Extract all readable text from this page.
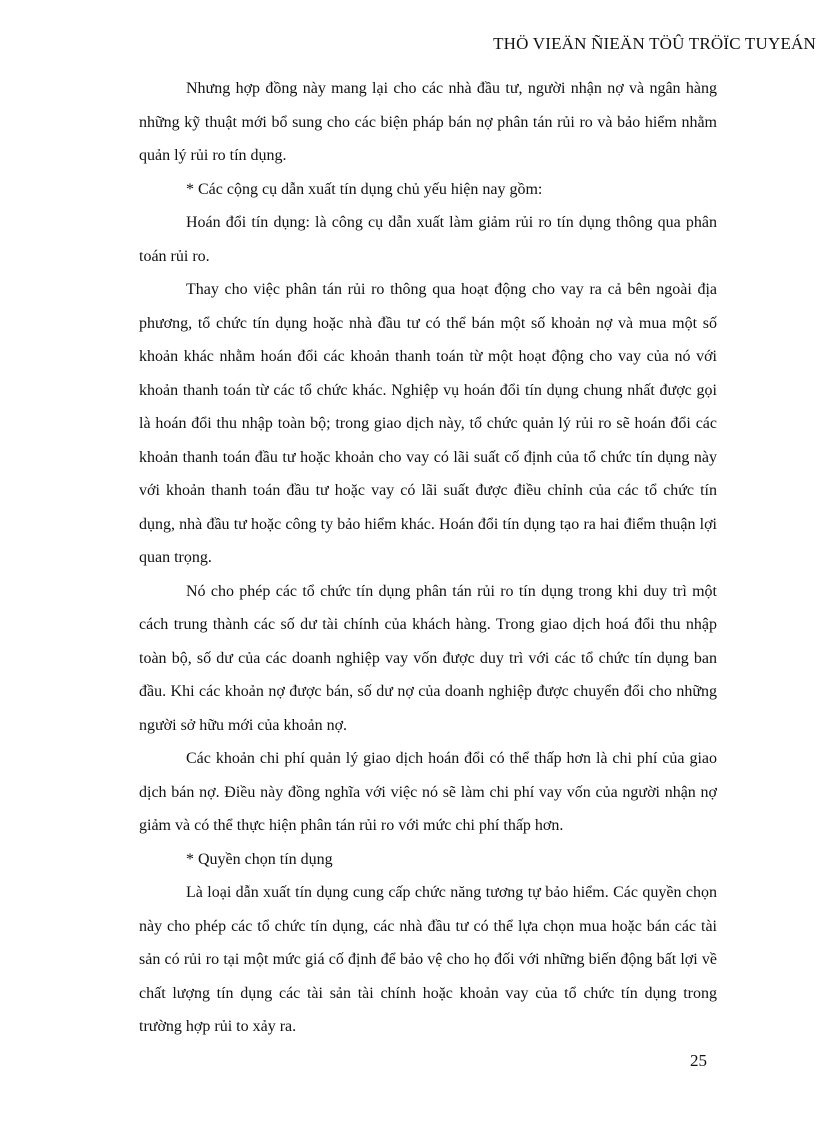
THÖ VIEÄN ÑIEÄN TÖÛ TRÖÏC TUYEÁN

Nhưng hợp đồng này mang lại cho các nhà đầu tư, người nhận nợ và ngân hàng những kỹ thuật mới bổ sung cho các biện pháp bán nợ phân tán rủi ro và bảo hiểm nhằm quản lý rủi ro tín dụng.

* Các cộng cụ dẫn xuất tín dụng chủ yếu hiện nay gồm:

Hoán đổi tín dụng: là công cụ dẫn xuất làm giảm rủi ro tín dụng thông qua phân toán rủi ro.

Thay cho việc phân tán rủi ro thông qua hoạt động cho vay ra cả bên ngoài địa phương, tổ chức tín dụng hoặc nhà đầu tư có thể bán một số khoản nợ và mua một số khoản khác nhằm hoán đổi các khoản thanh toán từ một hoạt động cho vay của nó với khoản thanh toán từ các tổ chức khác. Nghiệp vụ hoán đổi tín dụng chung nhất được gọi là hoán đổi thu nhập toàn bộ; trong giao dịch này, tổ chức quản lý rủi ro sẽ hoán đổi các khoản thanh toán đầu tư hoặc khoản cho vay có lãi suất cố định của tổ chức tín dụng này với khoản thanh toán đầu tư hoặc vay có lãi suất được điều chỉnh của các tổ chức tín dụng, nhà đầu tư hoặc công ty bảo hiểm khác. Hoán đổi tín dụng tạo ra hai điểm thuận lợi quan trọng.

Nó cho phép các tổ chức tín dụng phân tán rủi ro tín dụng trong khi duy trì một cách trung thành các số dư tài chính của khách hàng. Trong giao dịch hoá đổi thu nhập toàn bộ, số dư của các doanh nghiệp vay vốn được duy trì với các tổ chức tín dụng ban đầu. Khi các khoản nợ được bán, số dư nợ của doanh nghiệp được chuyển đổi cho những người sở hữu mới của khoản nợ.

Các khoản chi phí quản lý giao dịch hoán đổi có thể thấp hơn là chi phí của giao dịch bán nợ. Điều này đồng nghĩa với việc nó sẽ làm chi phí vay vốn của người nhận nợ giảm và có thể thực hiện phân tán rủi ro với mức chi phí thấp hơn.

* Quyền chọn tín dụng

Là loại dẫn xuất tín dụng cung cấp chức năng tương tự bảo hiểm. Các quyền chọn này cho phép các tổ chức tín dụng, các nhà đầu tư có thể lựa chọn mua hoặc bán các tài sản có rủi ro tại một mức giá cố định để bảo vệ cho họ đối với những biến động bất lợi về chất lượng tín dụng các tài sản tài chính hoặc khoản vay của tổ chức tín dụng trong trường hợp rủi to xảy ra.

25
